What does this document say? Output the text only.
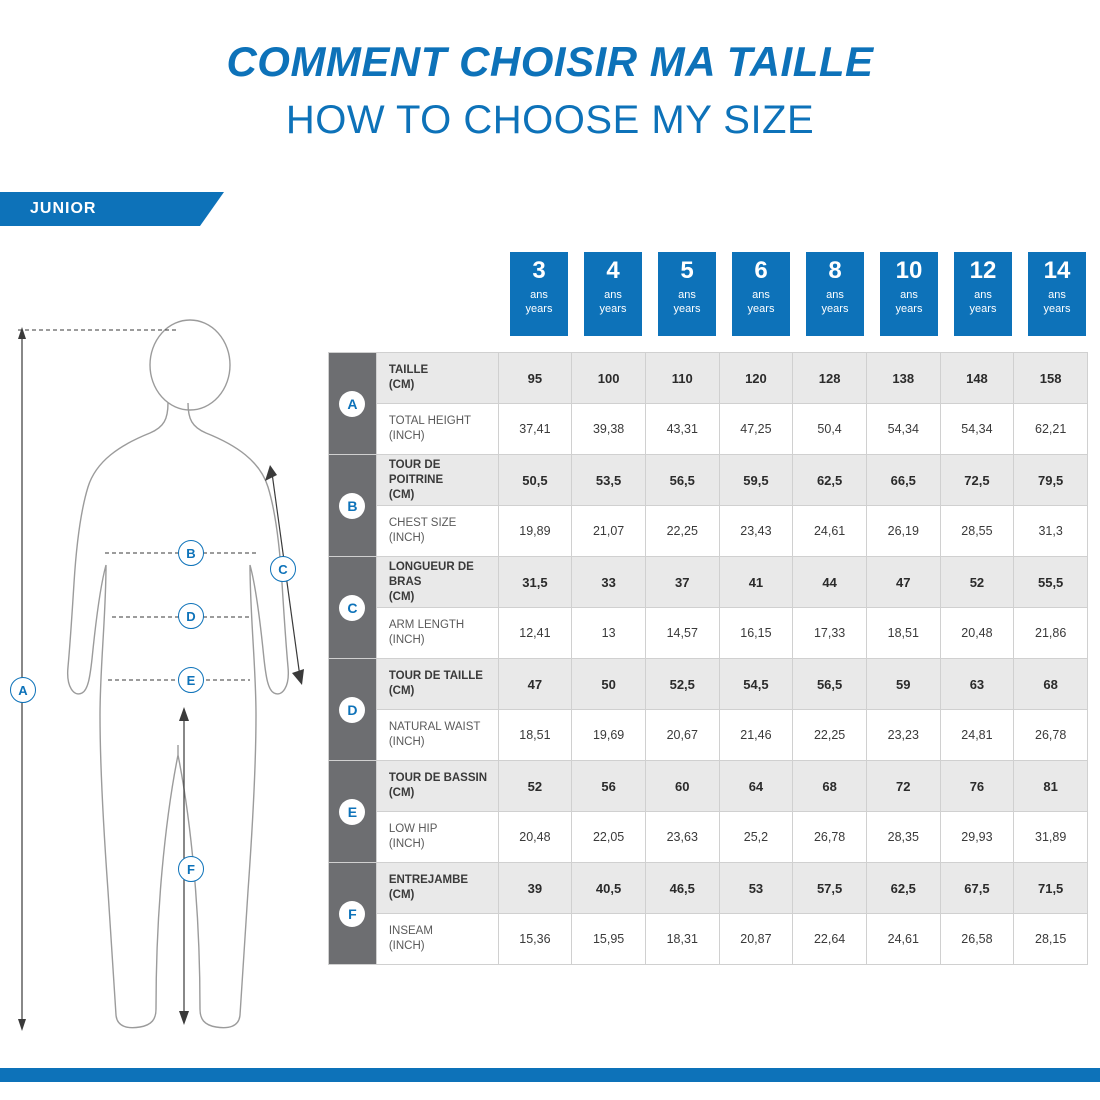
COMMENT CHOISIR MA TAILLE
HOW TO CHOOSE MY SIZE
JUNIOR
A
B
C
D
E
F
3
ans
years
4
ans
years
5
ans
years
6
ans
years
8
ans
years
10
ans
years
12
ans
years
14
ans
years
A	TAILLE
(CM)	95	100	110	120	128	138	148	158

	TOTAL HEIGHT
(INCH)	37,41	39,38	43,31	47,25	50,4	54,34	54,34	62,21

B	TOUR DE POITRINE
(CM)	50,5	53,5	56,5	59,5	62,5	66,5	72,5	79,5

	CHEST SIZE
(INCH)	19,89	21,07	22,25	23,43	24,61	26,19	28,55	31,3

C	LONGUEUR DE BRAS
(CM)	31,5	33	37	41	44	47	52	55,5

	ARM LENGTH
(INCH)	12,41	13	14,57	16,15	17,33	18,51	20,48	21,86

D	TOUR DE TAILLE
(CM)	47	50	52,5	54,5	56,5	59	63	68

	NATURAL WAIST
(INCH)	18,51	19,69	20,67	21,46	22,25	23,23	24,81	26,78

E	TOUR DE BASSIN
(CM)	52	56	60	64	68	72	76	81

	LOW HIP
(INCH)	20,48	22,05	23,63	25,2	26,78	28,35	29,93	31,89

F	ENTREJAMBE
(CM)	39	40,5	46,5	53	57,5	62,5	67,5	71,5

	INSEAM
(INCH)	15,36	15,95	18,31	20,87	22,64	24,61	26,58	28,15
